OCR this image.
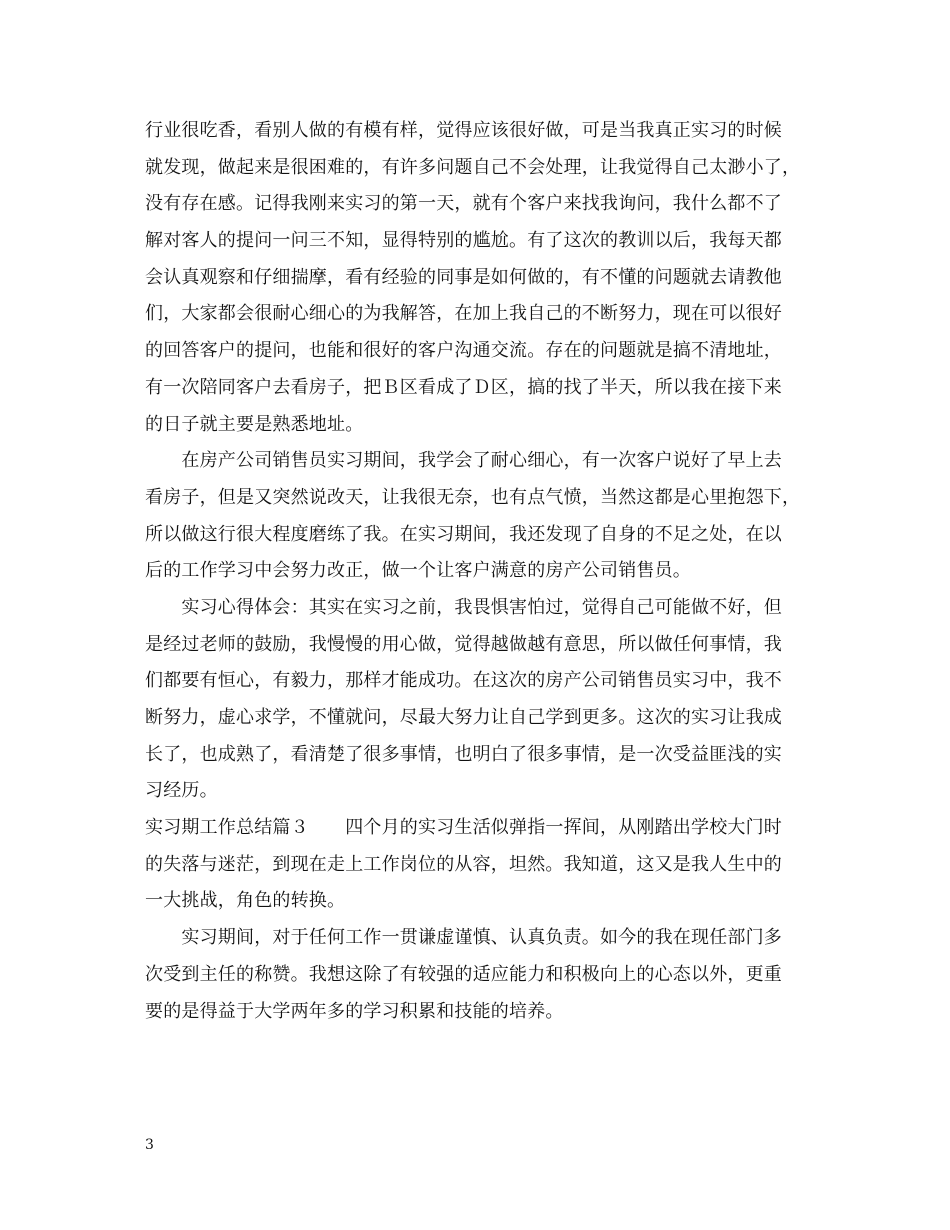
行业很吃香，看别人做的有模有样，觉得应该很好做，可是当我真正实习的时候
就发现，做起来是很困难的，有许多问题自己不会处理，让我觉得自己太渺小了，
没有存在感。记得我刚来实习的第一天，就有个客户来找我询问，我什么都不了
解对客人的提问一问三不知，显得特别的尴尬。有了这次的教训以后，我每天都
会认真观察和仔细揣摩，看有经验的同事是如何做的，有不懂的问题就去请教他
们，大家都会很耐心细心的为我解答，在加上我自己的不断努力，现在可以很好
的回答客户的提问，也能和很好的客户沟通交流。存在的问题就是搞不清地址，
有一次陪同客户去看房子，把Ｂ区看成了Ｄ区，搞的找了半天，所以我在接下来
的日子就主要是熟悉地址。
　　在房产公司销售员实习期间，我学会了耐心细心，有一次客户说好了早上去
看房子，但是又突然说改天，让我很无奈，也有点气愤，当然这都是心里抱怨下，
所以做这行很大程度磨练了我。在实习期间，我还发现了自身的不足之处，在以
后的工作学习中会努力改正，做一个让客户满意的房产公司销售员。
　　实习心得体会：其实在实习之前，我畏惧害怕过，觉得自己可能做不好，但
是经过老师的鼓励，我慢慢的用心做，觉得越做越有意思，所以做任何事情，我
们都要有恒心，有毅力，那样才能成功。在这次的房产公司销售员实习中，我不
断努力，虚心求学，不懂就问，尽最大努力让自己学到更多。这次的实习让我成
长了，也成熟了，看清楚了很多事情，也明白了很多事情，是一次受益匪浅的实
习经历。
实习期工作总结篇３　　四个月的实习生活似弹指一挥间，从刚踏出学校大门时
的失落与迷茫，到现在走上工作岗位的从容，坦然。我知道，这又是我人生中的
一大挑战，角色的转换。
　　实习期间，对于任何工作一贯谦虚谨慎、认真负责。如今的我在现任部门多
次受到主任的称赞。我想这除了有较强的适应能力和积极向上的心态以外，更重
要的是得益于大学两年多的学习积累和技能的培养。
3
